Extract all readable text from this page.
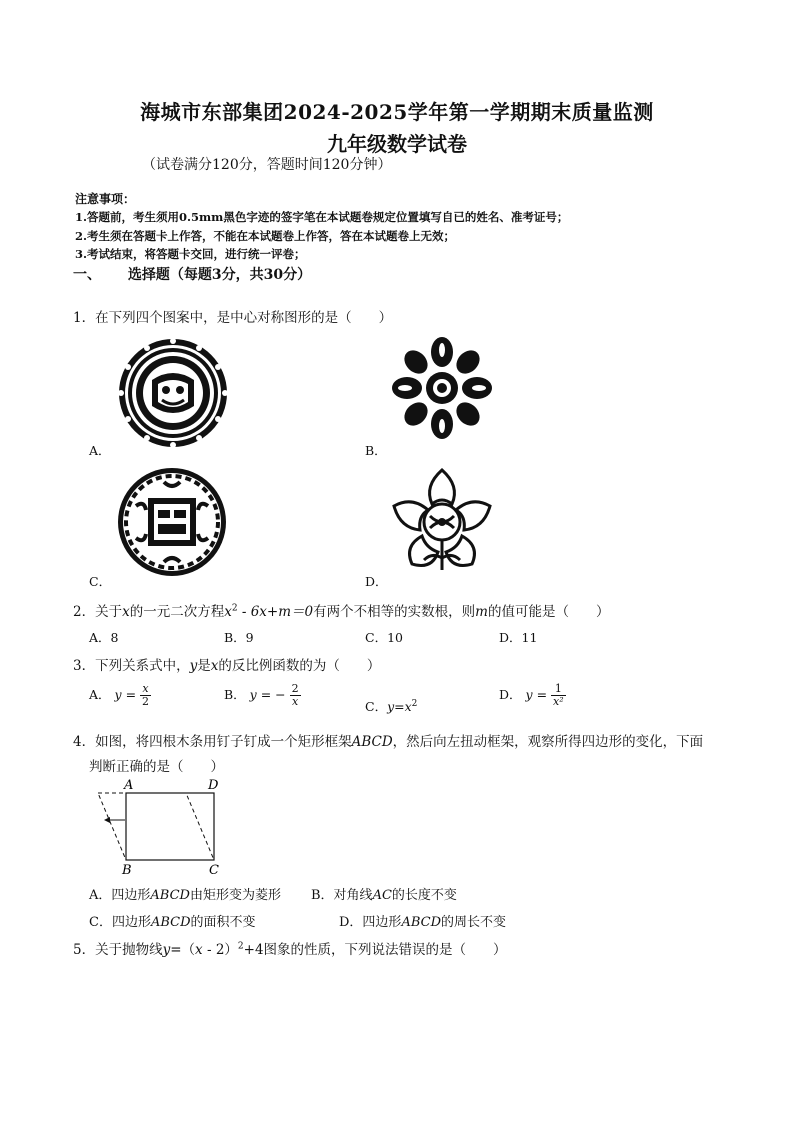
海城市东部集团2024-2025学年第一学期期末质量监测
九年级数学试卷
（试卷满分120分，答题时间120分钟）
注意事项：
1.答题前，考生须用0.5mm黑色字迹的签字笔在本试题卷规定位置填写自已的姓名、准考证号；
2.考生须在答题卡上作答，不能在本试题卷上作答，答在本试题卷上无效；
3.考试结束，将答题卡交回，进行统一评卷；
一、 选择题（每题3分，共30分）
1．在下列四个图案中，是中心对称图形的是（　　）
A．	B．
C．	D．
2．关于x的一元二次方程$x^2 - 6x+m=0$有两个不相等的实数根，则m的值可能是（　　）
A．8	B．9	C．10	D．11
3．下列关系式中，y是x的反比例函数的为（　　）
A． $y = \frac{x}{2}$	B． y = − $\frac{2}{x}$	C．$y=x^2$
D． $y = \frac{1}{\text{x²}}$
4．如图，将四根木条用钉子钉成一个矩形框架ABCD，然后向左扭动框架，观察所得四边形的变化，下面
判断正确的是（　　）
A	D
B	C
A．四边形ABCD由矩形变为菱形 B．对角线AC的长度不变
C．四边形ABCD的面积不变	D．四边形ABCD的周长不变
5．关于抛物线y=（x - 2）$^2$+4图象的性质，下列说法错误的是（　　）
